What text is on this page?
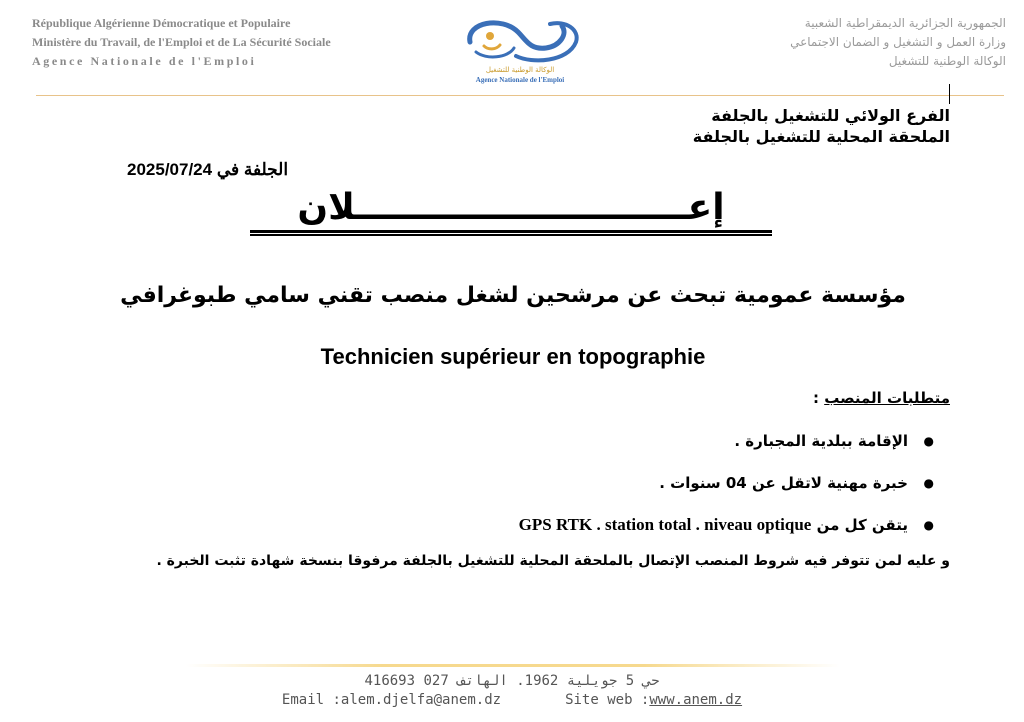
République Algérienne Démocratique et Populaire
Ministère du Travail, de l'Emploi et de La Sécurité Sociale
Agence Nationale de l'Emploi
الوكالة الوطنية للتشغيل
Agence Nationale de l'Emploi
الجمهورية الجزائرية الديمقراطية الشعبية
وزارة العمل و التشغيل و الضمان الاجتماعي
الوكالة الوطنية للتشغيل
الفرع الولائي للتشغيل بالجلفة
الملحقة المحلية للتشغيل بالجلفة
الجلفة في 2025/07/24
إعـــــــــــــــــــــــــــلان
مؤسسة عمومية تبحث عن مرشحين لشغل منصب تقني سامي طبوغرافي
Technicien supérieur en topographie
متطلبات المنصب :
● الإقامة ببلدية المجبارة .
● خبرة مهنية لاتقل عن 04 سنوات .
● يتقن كل من GPS RTK . station total . niveau optique
و عليه لمن تتوفر فيه شروط المنصب الإتصال بالملحقة المحلية للتشغيل بالجلفة مرفوقا بنسخة شهادة تثبت الخبرة .
حي 5 جويلية 1962. الهاتف 027 416693
Email :alem.djelfa@anem.dz	Site web :www.anem.dz
